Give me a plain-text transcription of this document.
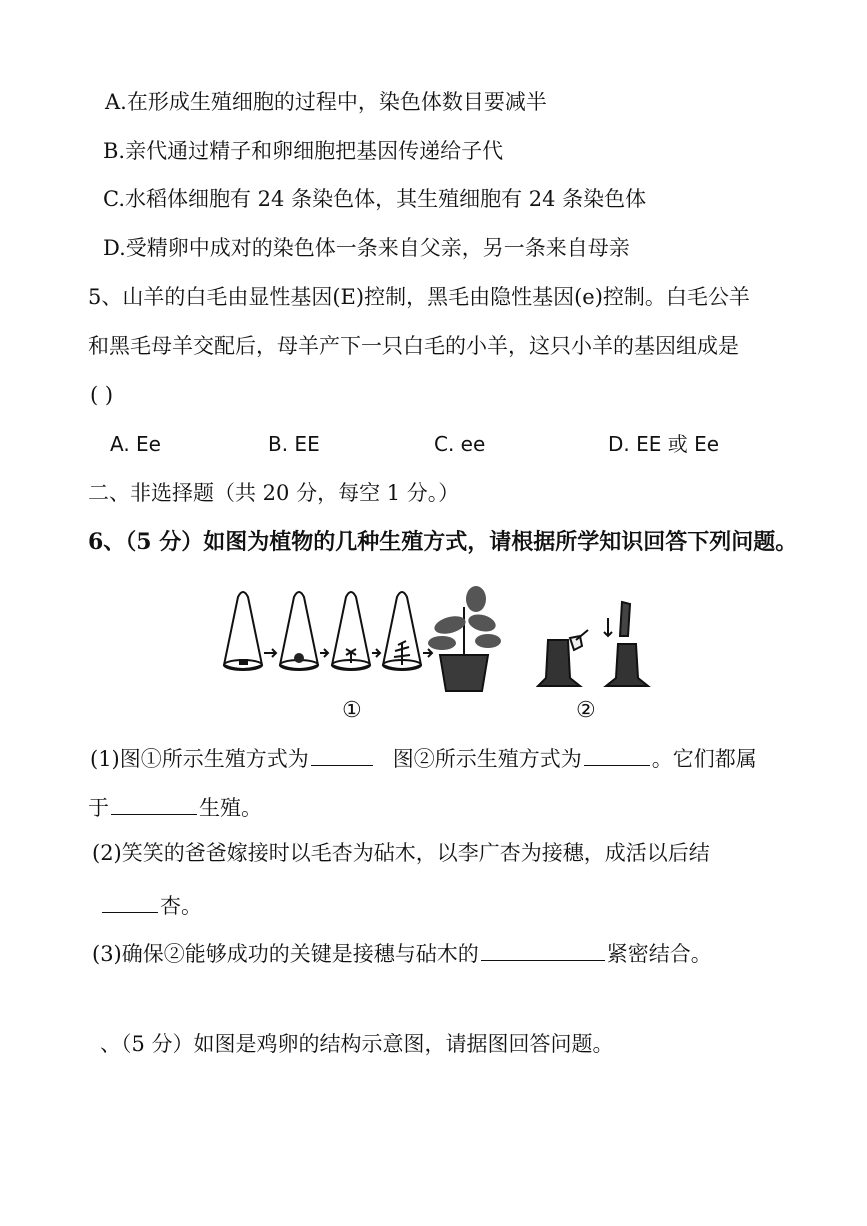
A.在形成生殖细胞的过程中，染色体数目要减半
B.亲代通过精子和卵细胞把基因传递给子代
C.水稻体细胞有 24 条染色体，其生殖细胞有 24 条染色体
D.受精卵中成对的染色体一条来自父亲，另一条来自母亲
5、山羊的白毛由显性基因(E)控制，黑毛由隐性基因(e)控制。白毛公羊
和黑毛母羊交配后，母羊产下一只白毛的小羊，这只小羊的基因组成是
( )
A. Ee	B. EE	C. ee	D. EE 或 Ee
二、非选择题（共 20 分，每空 1 分。）
6、（5 分）如图为植物的几种生殖方式，请根据所学知识回答下列问题。
①	②
(1)图①所示生殖方式为	图②所示生殖方式为	。它们都属
于	生殖。
(2)笑笑的爸爸嫁接时以毛杏为砧木，以李广杏为接穗，成活以后结
杏。
(3)确保②能够成功的关键是接穗与砧木的	紧密结合。
、（5 分）如图是鸡卵的结构示意图，请据图回答问题。
